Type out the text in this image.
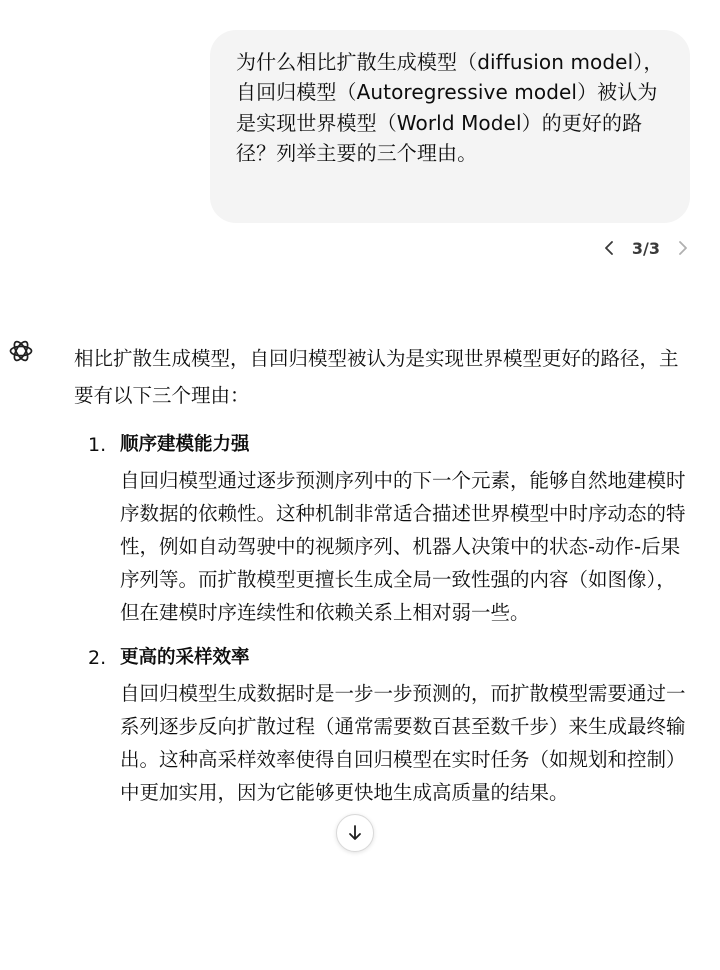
为什么相比扩散生成模型（diffusion model），自回归模型（Autoregressive model）被认为是实现世界模型（World Model）的更好的路径？列举主要的三个理由。
3/3

相比扩散生成模型，自回归模型被认为是实现世界模型更好的路径，主要有以下三个理由：

1. 顺序建模能力强
自回归模型通过逐步预测序列中的下一个元素，能够自然地建模时序数据的依赖性。这种机制非常适合描述世界模型中时序动态的特性，例如自动驾驶中的视频序列、机器人决策中的状态-动作-后果序列等。而扩散模型更擅长生成全局一致性强的内容（如图像），但在建模时序连续性和依赖关系上相对弱一些。
2. 更高的采样效率
自回归模型生成数据时是一步一步预测的，而扩散模型需要通过一系列逐步反向扩散过程（通常需要数百甚至数千步）来生成最终输出。这种高采样效率使得自回归模型在实时任务（如规划和控制）中更加实用，因为它能够更快地生成高质量的结果。
